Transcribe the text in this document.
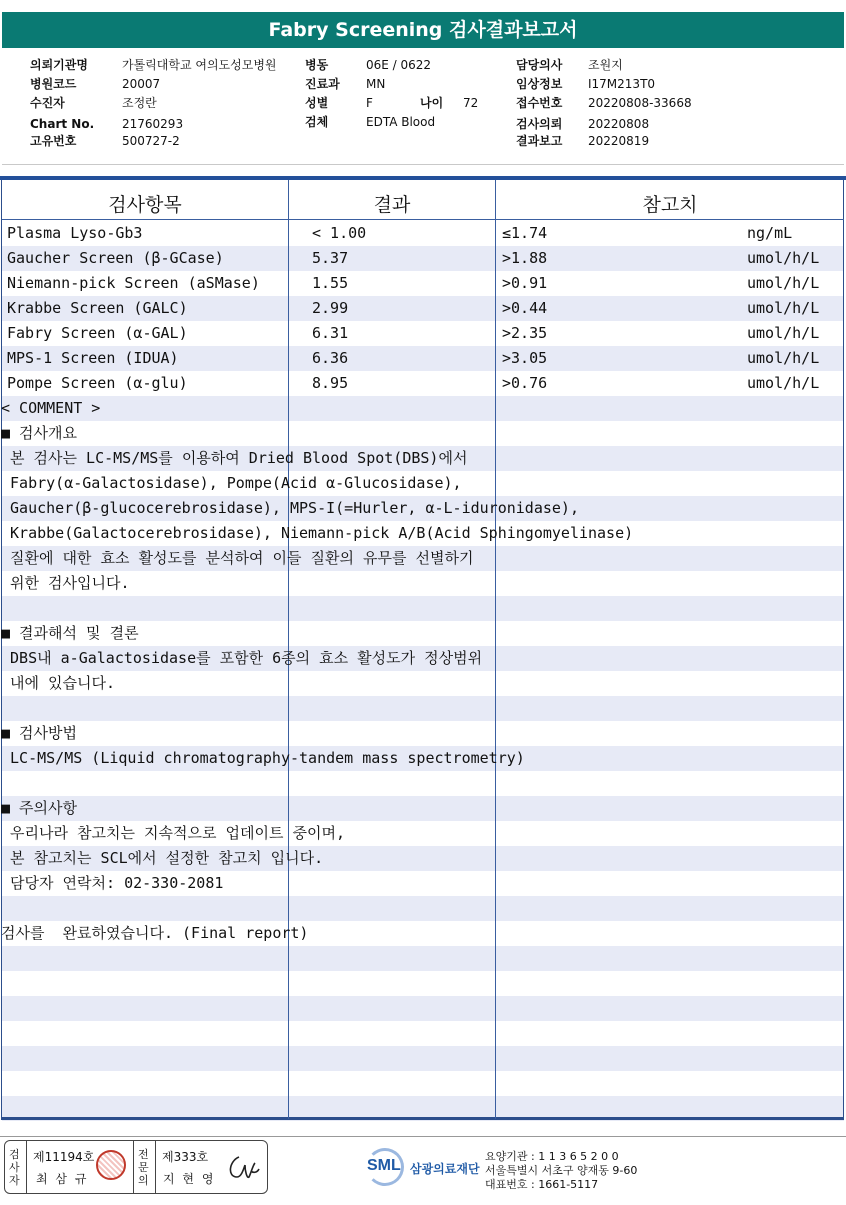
Fabry Screening 검사결과보고서
의뢰기관명	가톨릭대학교 여의도성모병원
병원코드	20007
수진자	조정란
Chart No. 21760293
고유번호	500727-2
병동	06E / 0622
진료과 MN
성별	F	나이 72
검체	EDTA Blood
담당의사 조원지
임상정보 I17M213T0
접수번호 20220808-33668
검사의뢰 20220808
결과보고 20220819
검사항목	결과	참고치
Plasma Lyso-Gb3	< 1.00	≤1.74	ng/mL
Gaucher Screen (β-GCase)	5.37	>1.88	umol/h/L
Niemann-pick Screen (aSMase)	1.55	>0.91	umol/h/L
Krabbe Screen (GALC)	2.99	>0.44	umol/h/L
Fabry Screen (α-GAL)	6.31	>2.35	umol/h/L
MPS-1 Screen (IDUA)	6.36	>3.05	umol/h/L
Pompe Screen (α-glu)	8.95	>0.76	umol/h/L
< COMMENT >
■ 검사개요
본 검사는 LC-MS/MS를 이용하여 Dried Blood Spot(DBS)에서
Fabry(α-Galactosidase), Pompe(Acid α-Glucosidase),
Gaucher(β-glucocerebrosidase), MPS-I(=Hurler, α-L-iduronidase),
Krabbe(Galactocerebrosidase), Niemann-pick A/B(Acid Sphingomyelinase)
질환에 대한 효소 활성도를 분석하여 이들 질환의 유무를 선별하기
위한 검사입니다.
■ 결과해석 및 결론
DBS내 a-Galactosidase를 포함한 6종의 효소 활성도가 정상범위
내에 있습니다.
■ 검사방법
LC-MS/MS (Liquid chromatography-tandem mass spectrometry)
■ 주의사항
우리나라 참고치는 지속적으로 업데이트 중이며,
본 참고치는 SCL에서 설정한 참고치 입니다.
담당자 연락처: 02-330-2081
검사를  완료하였습니다. (Final report)
검사자
제11194호
최 삼 규
전문의
제333호
지 현 영
SML 삼광의료재단
요양기관 : 1 1 3 6 5 2 0 0
서울특별시 서초구 양재동 9-60
대표번호 : 1661-5117
